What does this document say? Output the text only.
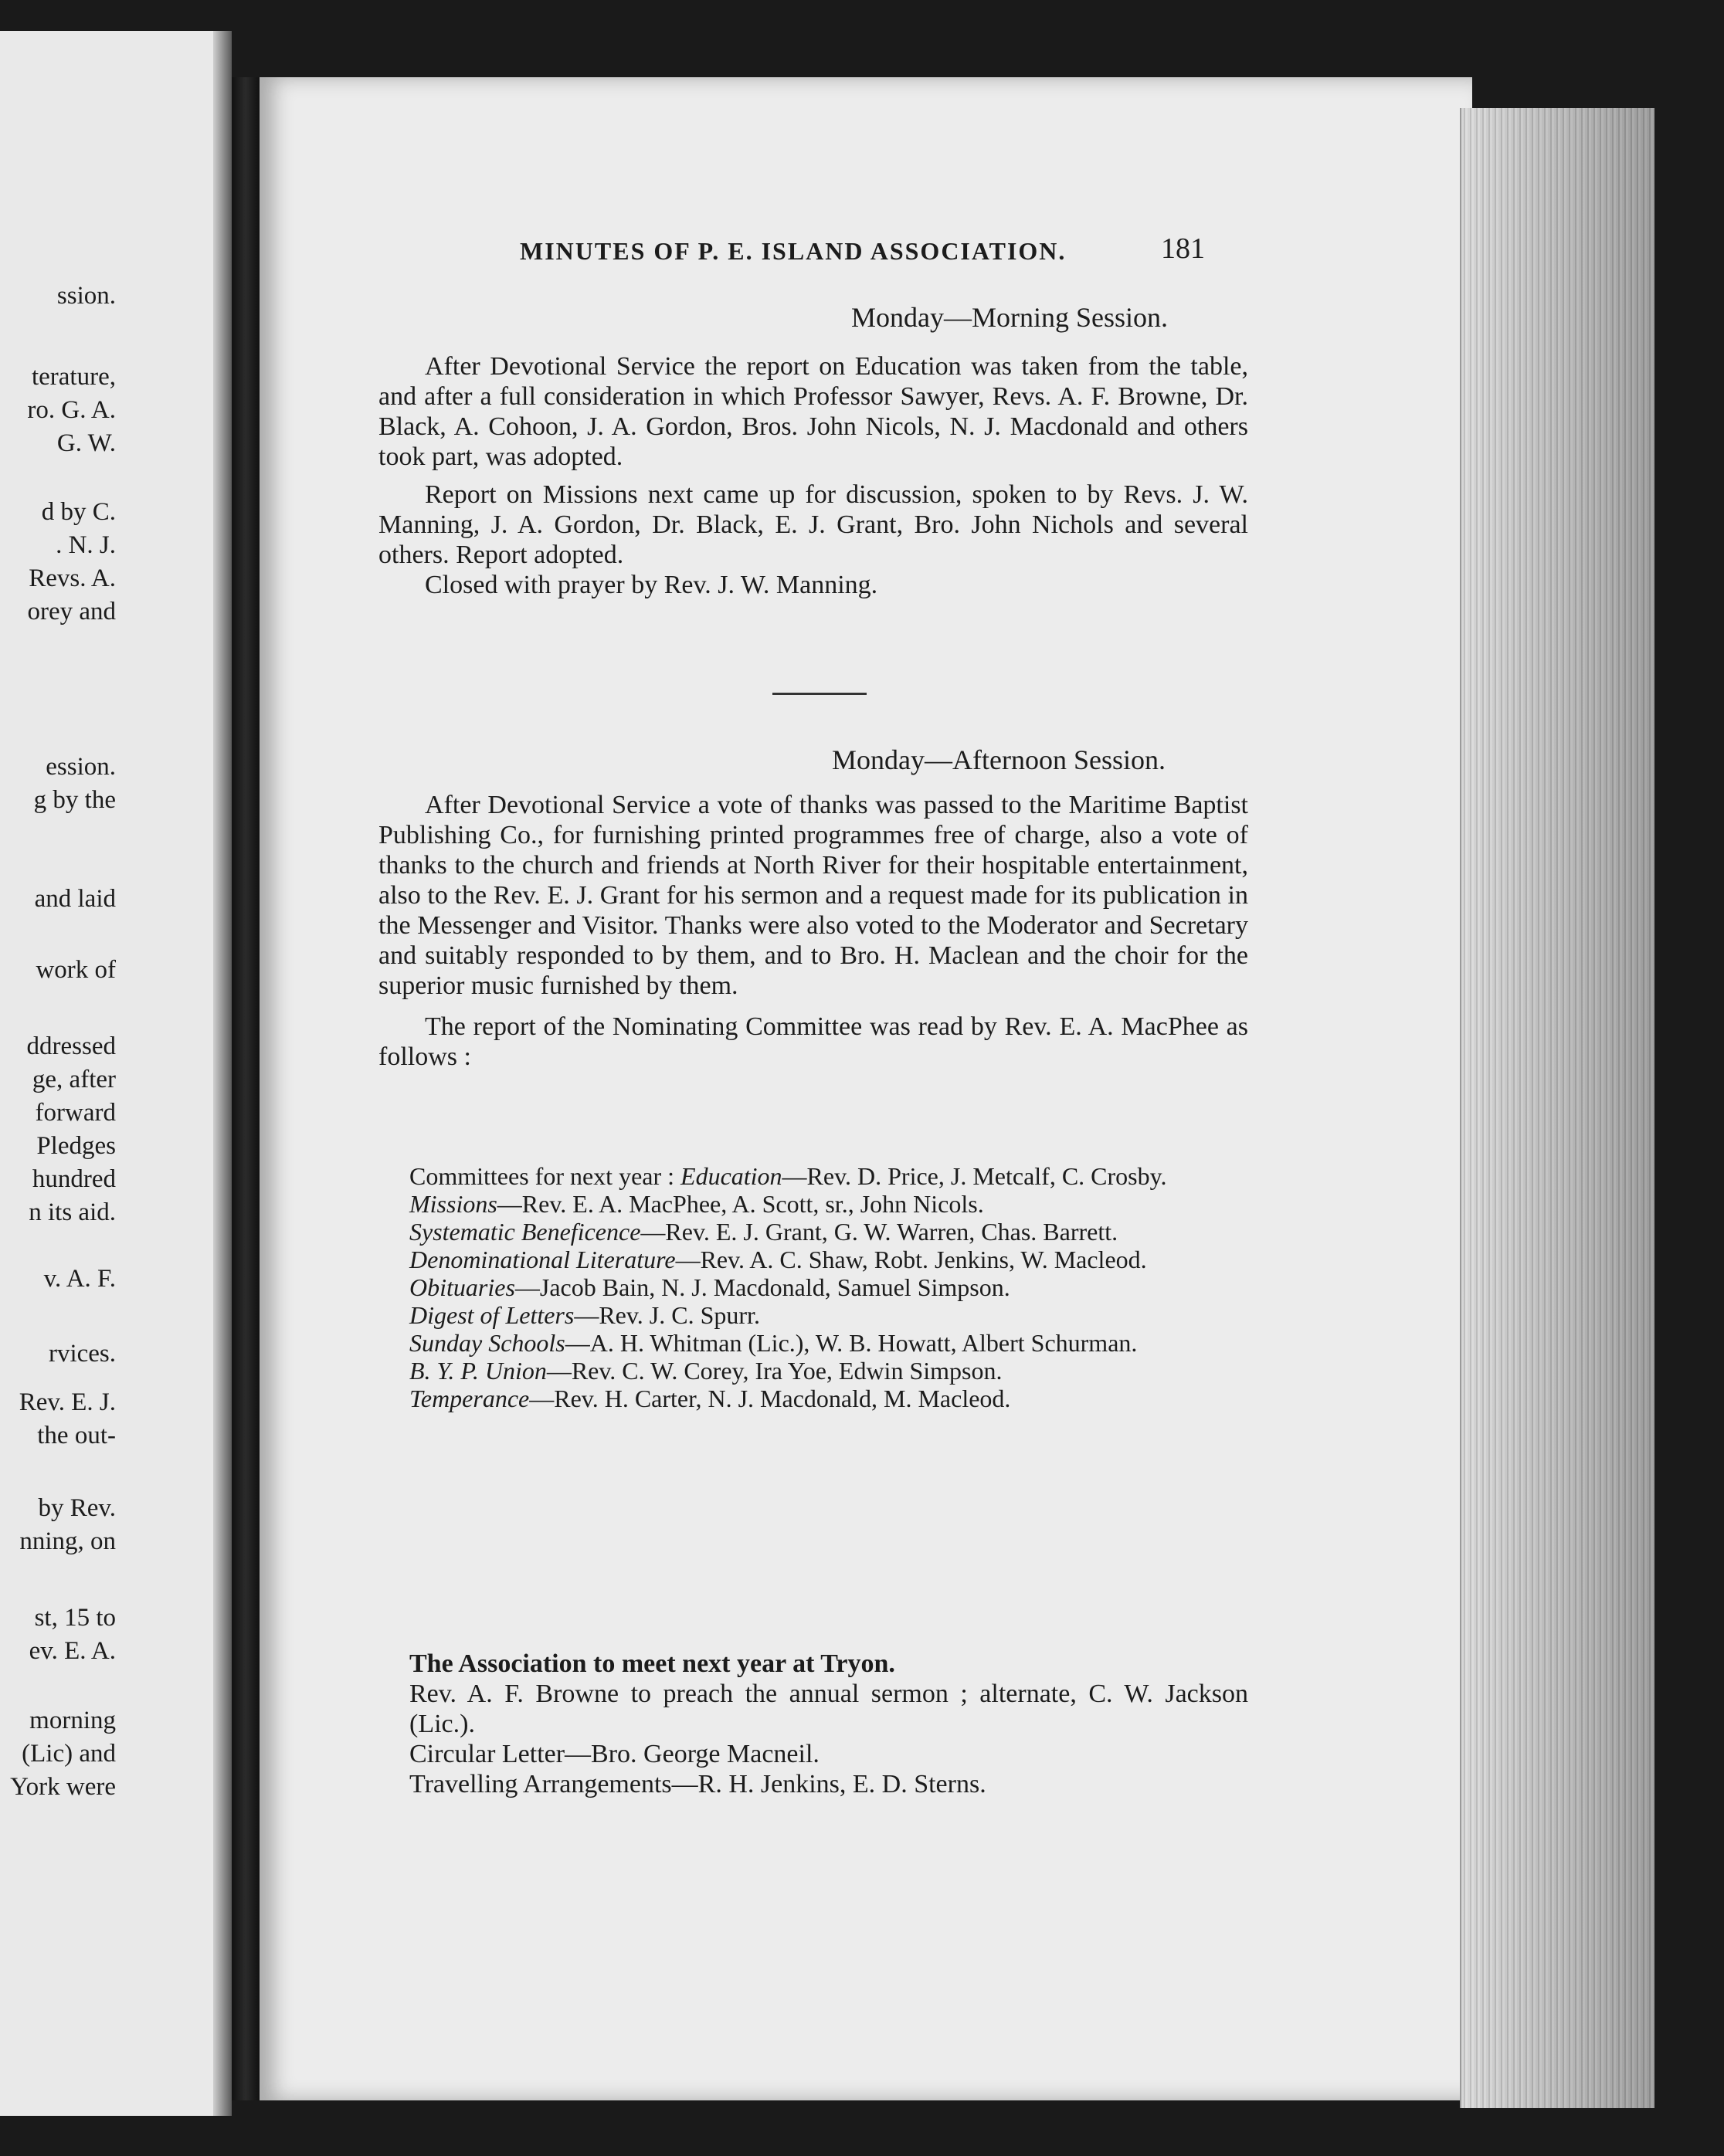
ssion.
terature,
ro. G. A.
G. W.
d by C.
. N. J.
Revs. A.
orey and
ession.
g by the
and laid
work of
ddressed
ge, after
forward
Pledges
hundred
n its aid.
v. A. F.
rvices.
Rev. E. J.
the out-
by Rev.
nning, on
st, 15 to
ev. E. A.
morning
(Lic) and
York were
MINUTES OF P. E. ISLAND ASSOCIATION.	181
Monday—Morning Session.

After Devotional Service the report on Education was taken from the table, and after a full consideration in which Professor Sawyer, Revs. A. F. Browne, Dr. Black, A. Cohoon, J. A. Gordon, Bros. John Nicols, N. J. Macdonald and others took part, was adopted.

Report on Missions next came up for discussion, spoken to by Revs. J. W. Manning, J. A. Gordon, Dr. Black, E. J. Grant, Bro. John Nichols and several others. Report adopted.

Closed with prayer by Rev. J. W. Manning.

Monday—Afternoon Session.

After Devotional Service a vote of thanks was passed to the Maritime Baptist Publishing Co., for furnishing printed programmes free of charge, also a vote of thanks to the church and friends at North River for their hospitable entertainment, also to the Rev. E. J. Grant for his sermon and a request made for its publication in the Messenger and Visitor. Thanks were also voted to the Moderator and Secretary and suitably responded to by them, and to Bro. H. Maclean and the choir for the superior music furnished by them.

The report of the Nominating Committee was read by Rev. E. A. MacPhee as follows :

Committees for next year : Education—Rev. D. Price, J. Metcalf, C. Crosby.

Missions—Rev. E. A. MacPhee, A. Scott, sr., John Nicols.

Systematic Beneficence—Rev. E. J. Grant, G. W. Warren, Chas. Barrett.

Denominational Literature—Rev. A. C. Shaw, Robt. Jenkins, W. Macleod.

Obituaries—Jacob Bain, N. J. Macdonald, Samuel Simpson.

Digest of Letters—Rev. J. C. Spurr.

Sunday Schools—A. H. Whitman (Lic.), W. B. Howatt, Albert Schurman.

B. Y. P. Union—Rev. C. W. Corey, Ira Yoe, Edwin Simpson.

Temperance—Rev. H. Carter, N. J. Macdonald, M. Macleod.

The Association to meet next year at Tryon.

Rev. A. F. Browne to preach the annual sermon ; alternate, C. W. Jackson (Lic.).

Circular Letter—Bro. George Macneil.

Travelling Arrangements—R. H. Jenkins, E. D. Sterns.
